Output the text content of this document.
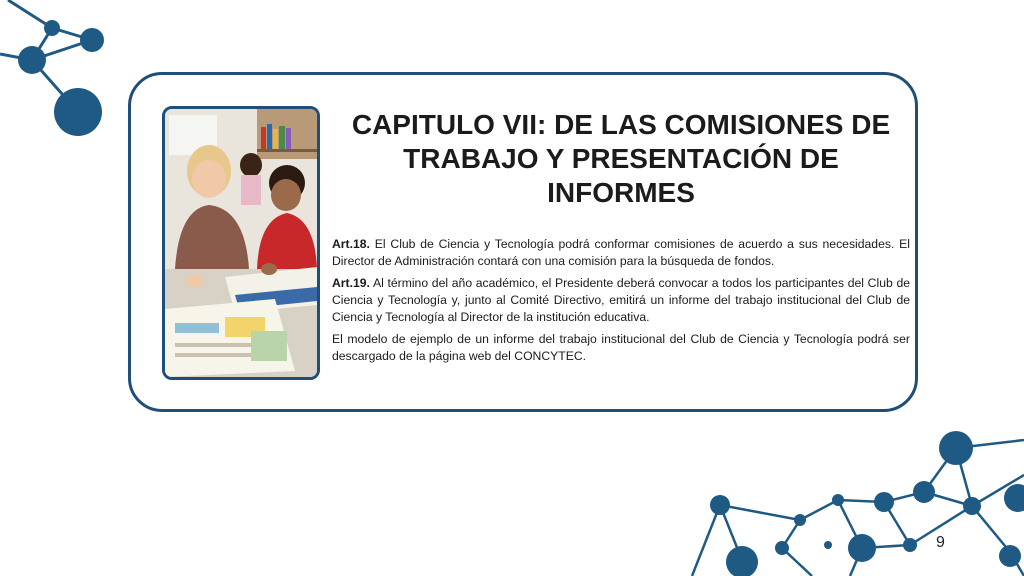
CAPITULO VII: DE LAS COMISIONES DE TRABAJO Y PRESENTACIÓN DE INFORMES

Art.18. El Club de Ciencia y Tecnología podrá conformar comisiones de acuerdo a sus necesidades. El Director de Administración contará con una comisión para la búsqueda de fondos.

Art.19. Al término del año académico, el Presidente deberá convocar a todos los participantes del Club de Ciencia y Tecnología y, junto al Comité Directivo, emitirá un informe del trabajo institucional del Club de Ciencia y Tecnología al Director de la institución educativa.

El modelo de ejemplo de un informe del trabajo institucional del Club de Ciencia y Tecnología podrá ser descargado de la página web del CONCYTEC.

9
